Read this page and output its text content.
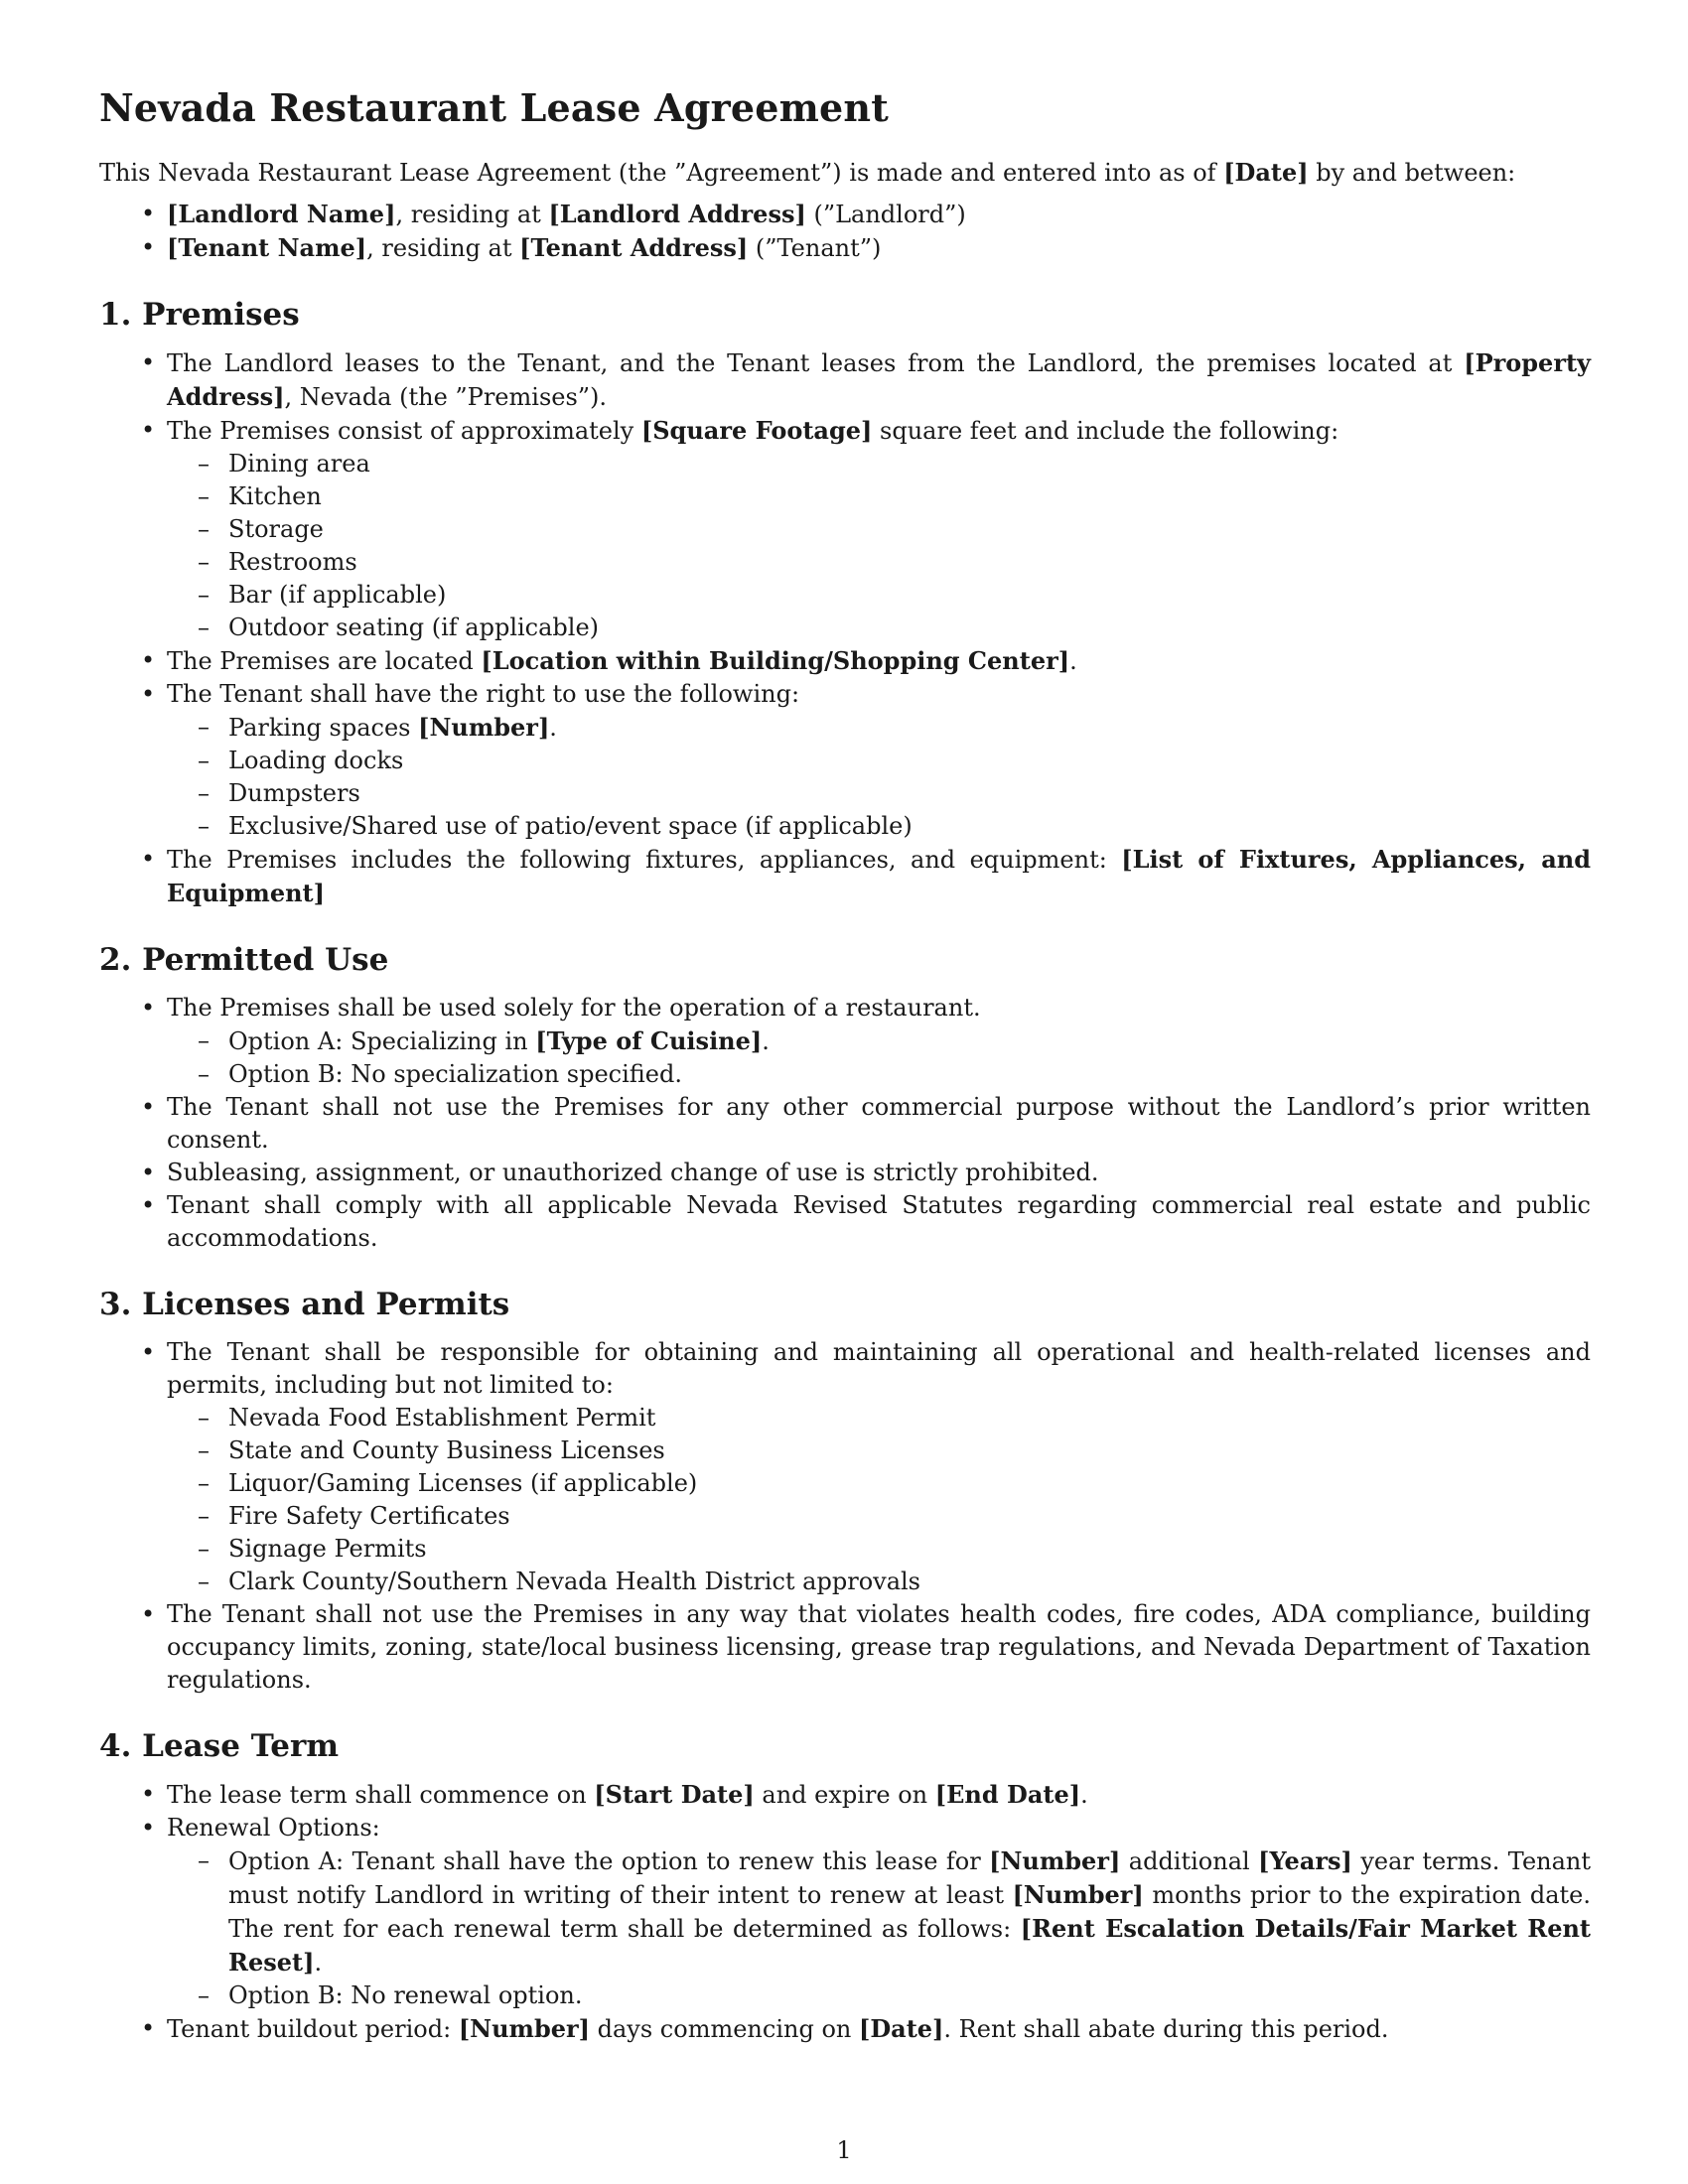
Nevada Restaurant Lease Agreement

This Nevada Restaurant Lease Agreement (the ”Agreement”) is made and entered into as of [Date] by and between:

• [Landlord Name], residing at [Landlord Address] (”Landlord”)
• [Tenant Name], residing at [Tenant Address] (”Tenant”)
1. Premises
• The Landlord leases to the Tenant, and the Tenant leases from the Landlord, the premises located at [Property Address], Nevada (the ”Premises”).
• The Premises consist of approximately [Square Footage] square feet and include the following:
– Dining area
– Kitchen
– Storage
– Restrooms
– Bar (if applicable)
– Outdoor seating (if applicable)
• The Premises are located [Location within Building/Shopping Center].
• The Tenant shall have the right to use the following:
– Parking spaces [Number].
– Loading docks
– Dumpsters
– Exclusive/Shared use of patio/event space (if applicable)
• The Premises includes the following fixtures, appliances, and equipment: [List of Fixtures, Appliances, and Equipment]
2. Permitted Use
• The Premises shall be used solely for the operation of a restaurant.
– Option A: Specializing in [Type of Cuisine].
– Option B: No specialization specified.
• The Tenant shall not use the Premises for any other commercial purpose without the Landlord’s prior written consent.
• Subleasing, assignment, or unauthorized change of use is strictly prohibited.
• Tenant shall comply with all applicable Nevada Revised Statutes regarding commercial real estate and public accommodations.
3. Licenses and Permits
• The Tenant shall be responsible for obtaining and maintaining all operational and health-related licenses and permits, including but not limited to:
– Nevada Food Establishment Permit
– State and County Business Licenses
– Liquor/Gaming Licenses (if applicable)
– Fire Safety Certificates
– Signage Permits
– Clark County/Southern Nevada Health District approvals
• The Tenant shall not use the Premises in any way that violates health codes, fire codes, ADA compliance, building occupancy limits, zoning, state/local business licensing, grease trap regulations, and Nevada Department of Taxation regulations.
4. Lease Term
• The lease term shall commence on [Start Date] and expire on [End Date].
• Renewal Options:
– Option A: Tenant shall have the option to renew this lease for [Number] additional [Years] year terms. Tenant must notify Landlord in writing of their intent to renew at least [Number] months prior to the expiration date. The rent for each renewal term shall be determined as follows: [Rent Escalation Details/Fair Market Rent Reset].
– Option B: No renewal option.
• Tenant buildout period: [Number] days commencing on [Date]. Rent shall abate during this period.
1
